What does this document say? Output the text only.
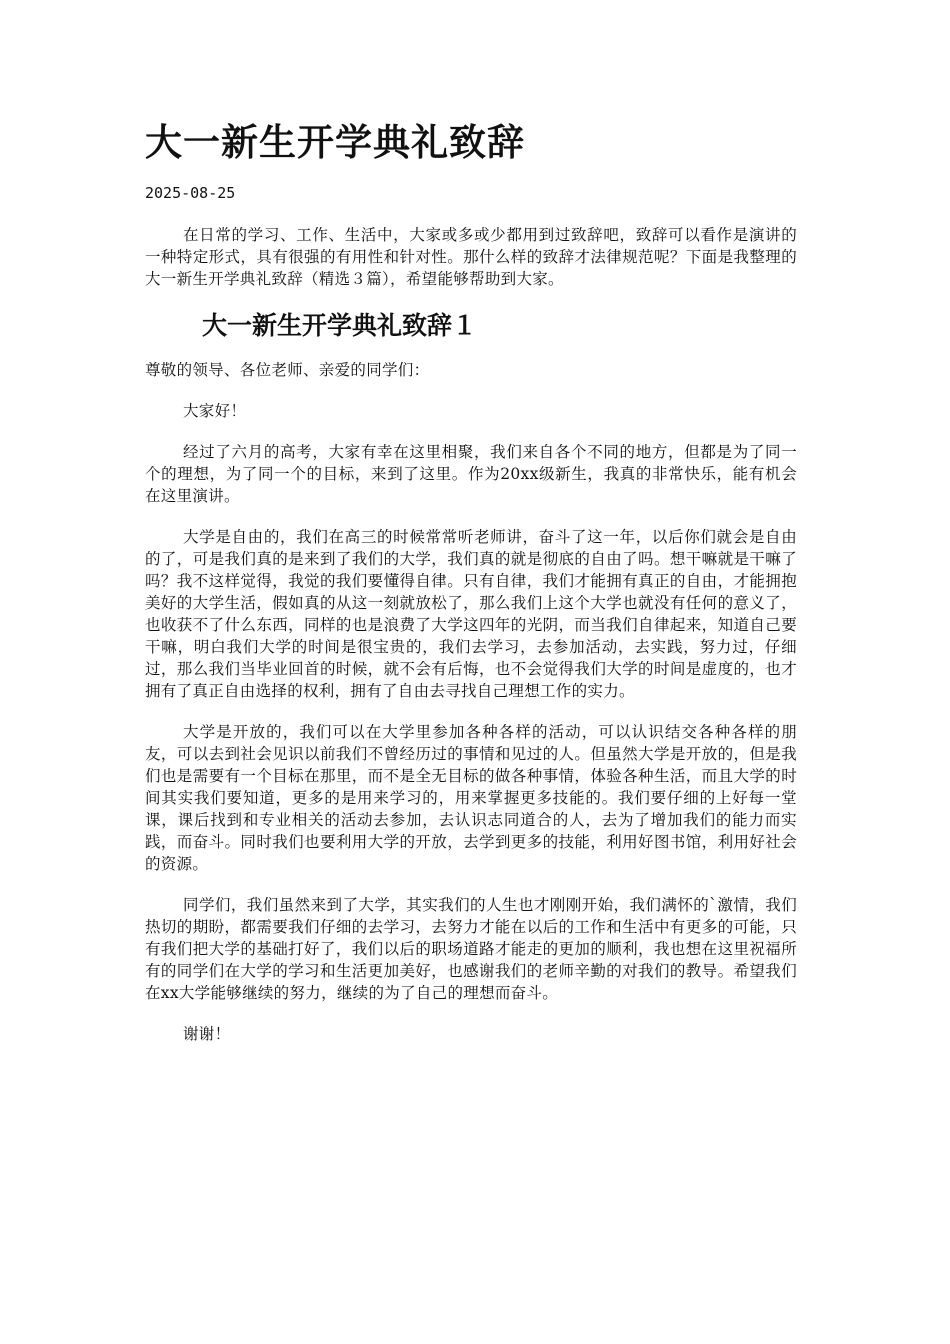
大一新生开学典礼致辞
2025-08-25

在日常的学习、工作、生活中，大家或多或少都用到过致辞吧，致辞可以看作是演讲的一种特定形式，具有很强的有用性和针对性。那什么样的致辞才法律规范呢？下面是我整理的大一新生开学典礼致辞（精选３篇），希望能够帮助到大家。

大一新生开学典礼致辞１

尊敬的领导、各位老师、亲爱的同学们：

大家好！

经过了六月的高考，大家有幸在这里相聚，我们来自各个不同的地方，但都是为了同一个的理想，为了同一个的目标，来到了这里。作为20xx级新生，我真的非常快乐，能有机会在这里演讲。

大学是自由的，我们在高三的时候常常听老师讲，奋斗了这一年，以后你们就会是自由的了，可是我们真的是来到了我们的大学，我们真的就是彻底的自由了吗。想干嘛就是干嘛了吗？我不这样觉得，我觉的我们要懂得自律。只有自律，我们才能拥有真正的自由，才能拥抱美好的大学生活，假如真的从这一刻就放松了，那么我们上这个大学也就没有任何的意义了，也收获不了什么东西，同样的也是浪费了大学这四年的光阴，而当我们自律起来，知道自己要干嘛，明白我们大学的时间是很宝贵的，我们去学习，去参加活动，去实践，努力过，仔细过，那么我们当毕业回首的时候，就不会有后悔，也不会觉得我们大学的时间是虚度的，也才拥有了真正自由选择的权利，拥有了自由去寻找自己理想工作的实力。

大学是开放的，我们可以在大学里参加各种各样的活动，可以认识结交各种各样的朋友，可以去到社会见识以前我们不曾经历过的事情和见过的人。但虽然大学是开放的，但是我们也是需要有一个目标在那里，而不是全无目标的做各种事情，体验各种生活，而且大学的时间其实我们要知道，更多的是用来学习的，用来掌握更多技能的。我们要仔细的上好每一堂课，课后找到和专业相关的活动去参加，去认识志同道合的人，去为了增加我们的能力而实践，而奋斗。同时我们也要利用大学的开放，去学到更多的技能，利用好图书馆，利用好社会的资源。

同学们，我们虽然来到了大学，其实我们的人生也才刚刚开始，我们满怀的`激情，我们热切的期盼，都需要我们仔细的去学习，去努力才能在以后的工作和生活中有更多的可能，只有我们把大学的基础打好了，我们以后的职场道路才能走的更加的顺利，我也想在这里祝福所有的同学们在大学的学习和生活更加美好，也感谢我们的老师辛勤的对我们的教导。希望我们在xx大学能够继续的努力，继续的为了自己的理想而奋斗。

谢谢！
